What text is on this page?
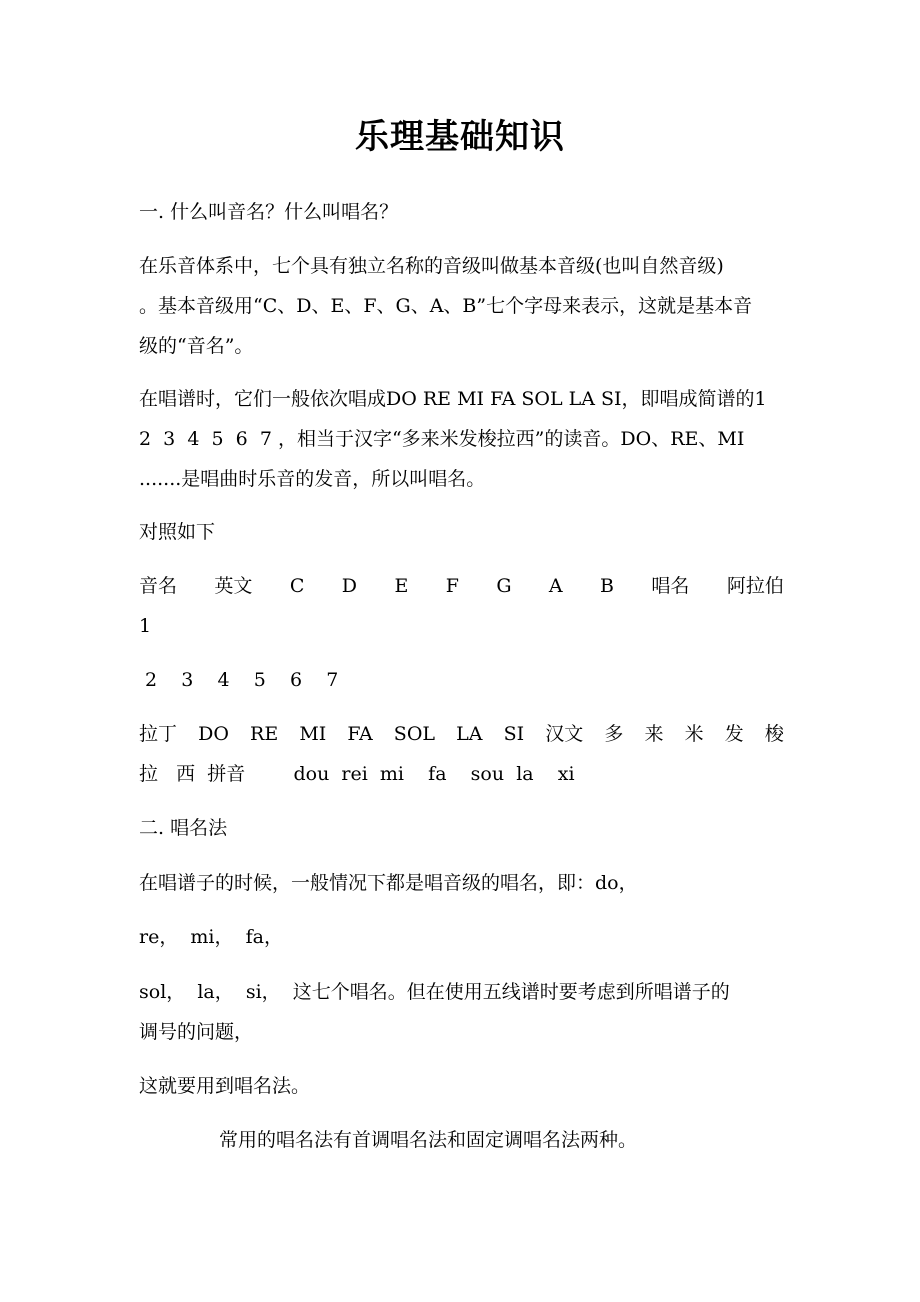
乐理基础知识
一. 什么叫音名？什么叫唱名？
在乐音体系中，七个具有独立名称的音级叫做基本音级(也叫自然音级)
。基本音级用“C、D、E、F、G、A、B”七个字母来表示，这就是基本音
级的“音名”。
在唱谱时，它们一般依次唱成DO RE MI FA SOL LA SI，即唱成简谱的1
2  3  4  5  6  7 ，相当于汉字“多来米发梭拉西”的读音。DO、RE、MI
.......是唱曲时乐音的发音，所以叫唱名。
对照如下
音名 英文 C D E F G A B 唱名 阿拉伯
1
2    3    4    5    6    7
拉丁 DO RE MI FA SOL LA SI 汉文 多 来 米 发 梭
拉   西  拼音        dou  rei  mi    fa    sou  la    xi
二. 唱名法
在唱谱子的时候，一般情况下都是唱音级的唱名，即：do，
re，  mi，  fa，
sol，  la，  si，  这七个唱名。但在使用五线谱时要考虑到所唱谱子的
调号的问题，
这就要用到唱名法。
常用的唱名法有首调唱名法和固定调唱名法两种。
